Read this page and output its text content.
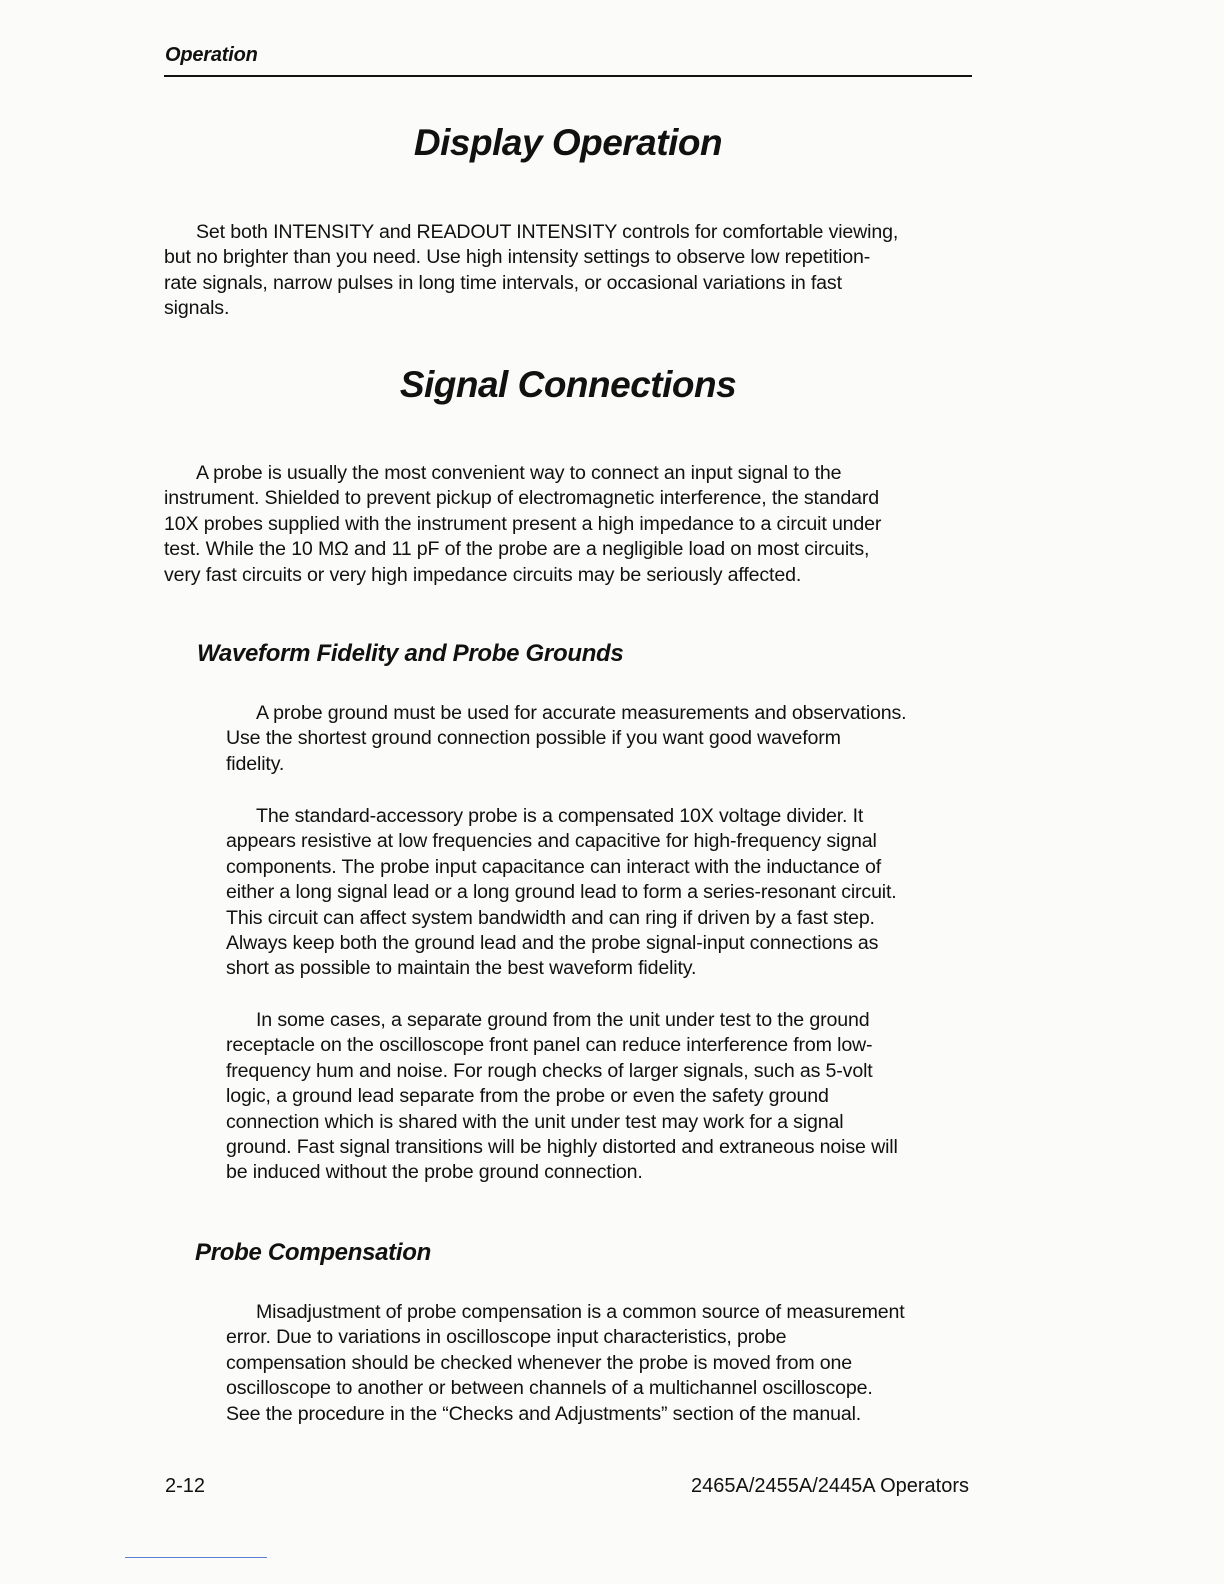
Operation
Display Operation

Set both INTENSITY and READOUT INTENSITY controls for comfortable viewing,
but no brighter than you need. Use high intensity settings to observe low repetition-
rate signals, narrow pulses in long time intervals, or occasional variations in fast
signals.

Signal Connections

A probe is usually the most convenient way to connect an input signal to the
instrument. Shielded to prevent pickup of electromagnetic interference, the standard
10X probes supplied with the instrument present a high impedance to a circuit under
test. While the 10 MΩ and 11 pF of the probe are a negligible load on most circuits,
very fast circuits or very high impedance circuits may be seriously affected.

Waveform Fidelity and Probe Grounds

A probe ground must be used for accurate measurements and observations.
Use the shortest ground connection possible if you want good waveform
fidelity.

The standard-accessory probe is a compensated 10X voltage divider. It
appears resistive at low frequencies and capacitive for high-frequency signal
components. The probe input capacitance can interact with the inductance of
either a long signal lead or a long ground lead to form a series-resonant circuit.
This circuit can affect system bandwidth and can ring if driven by a fast step.
Always keep both the ground lead and the probe signal-input connections as
short as possible to maintain the best waveform fidelity.

In some cases, a separate ground from the unit under test to the ground
receptacle on the oscilloscope front panel can reduce interference from low-
frequency hum and noise. For rough checks of larger signals, such as 5-volt
logic, a ground lead separate from the probe or even the safety ground
connection which is shared with the unit under test may work for a signal
ground. Fast signal transitions will be highly distorted and extraneous noise will
be induced without the probe ground connection.

Probe Compensation

Misadjustment of probe compensation is a common source of measurement
error. Due to variations in oscilloscope input characteristics, probe
compensation should be checked whenever the probe is moved from one
oscilloscope to another or between channels of a multichannel oscilloscope.
See the procedure in the “Checks and Adjustments” section of the manual.

2-12	2465A/2455A/2445A Operators
